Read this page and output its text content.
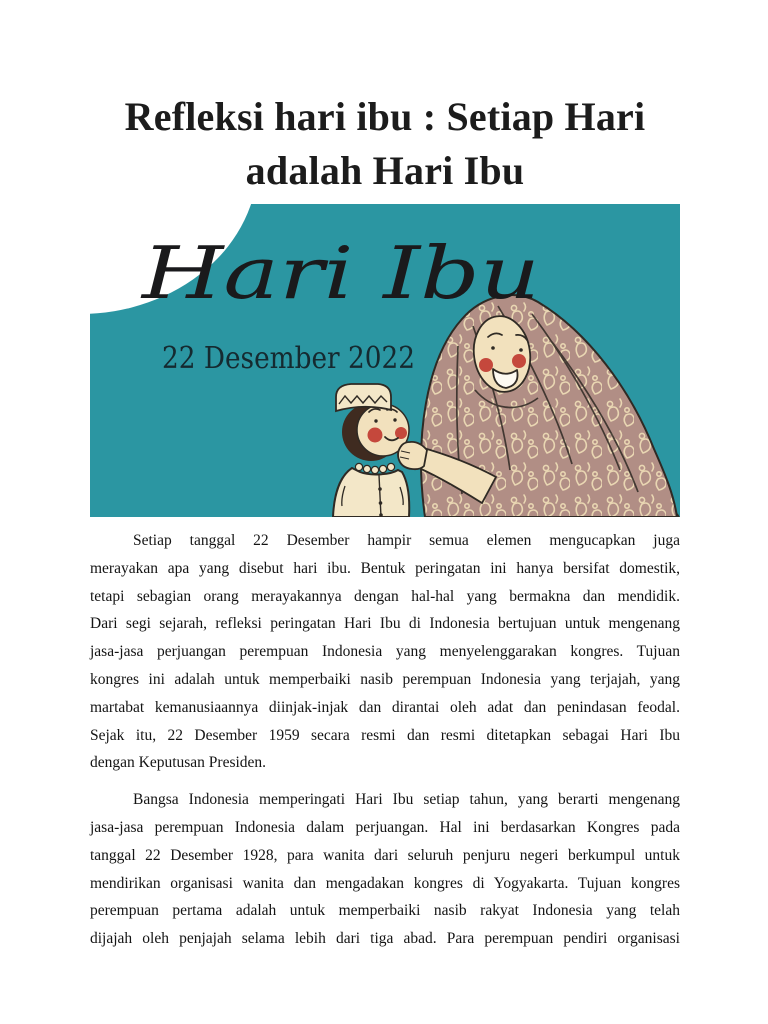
Refleksi hari ibu : Setiap Hari
adalah Hari Ibu
Hari Ibu
22 Desember 2022
Setiap tanggal 22 Desember hampir semua elemen mengucapkan juga
merayakan apa yang disebut hari ibu. Bentuk peringatan ini hanya bersifat domestik,
tetapi sebagian orang merayakannya dengan hal-hal yang bermakna dan mendidik.
Dari segi sejarah, refleksi peringatan Hari Ibu di Indonesia bertujuan untuk mengenang
jasa-jasa perjuangan perempuan Indonesia yang menyelenggarakan kongres. Tujuan
kongres ini adalah untuk memperbaiki nasib perempuan Indonesia yang terjajah, yang
martabat kemanusiaannya diinjak-injak dan dirantai oleh adat dan penindasan feodal.
Sejak itu, 22 Desember 1959 secara resmi dan resmi ditetapkan sebagai Hari Ibu
dengan Keputusan Presiden.
Bangsa Indonesia memperingati Hari Ibu setiap tahun, yang berarti mengenang
jasa-jasa perempuan Indonesia dalam perjuangan. Hal ini berdasarkan Kongres pada
tanggal 22 Desember 1928, para wanita dari seluruh penjuru negeri berkumpul untuk
mendirikan organisasi wanita dan mengadakan kongres di Yogyakarta. Tujuan kongres
perempuan pertama adalah untuk memperbaiki nasib rakyat Indonesia yang telah
dijajah oleh penjajah selama lebih dari tiga abad. Para perempuan pendiri organisasi
